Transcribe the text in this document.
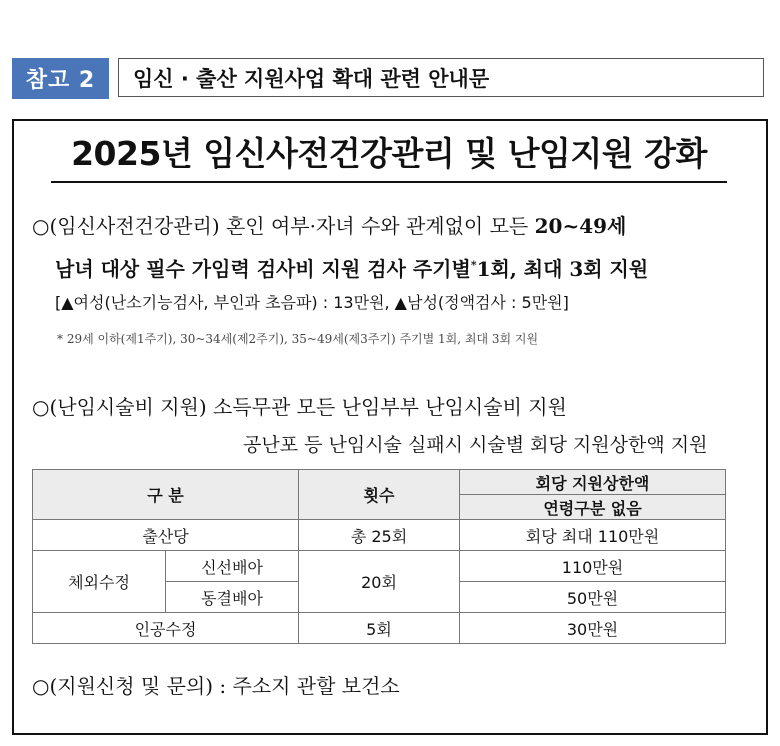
참고 2	임신 · 출산 지원사업 확대 관련 안내문
2025년 임신사전건강관리 및 난임지원 강화
○(임신사전건강관리) 혼인 여부·자녀 수와 관계없이 모든 20~49세
남녀 대상 필수 가임력 검사비 지원 검사 주기별*1회, 최대 3회 지원
[▲여성(난소기능검사, 부인과 초음파) : 13만원, ▲남성(정액검사 : 5만원]
* 29세 이하(제1주기), 30~34세(제2주기), 35~49세(제3주기) 주기별 1회, 최대 3회 지원
○(난임시술비 지원) 소득무관 모든 난임부부 난임시술비 지원
공난포 등 난임시술 실패시 시술별 회당 지원상한액 지원
구 분		횟수	회당 지원상한액
			연령구분 없음
출산당		총 25회	회당 최대 110만원
체외수정	신선배아	20회	110만원
	동결배아		50만원
인공수정		5회	30만원
○(지원신청 및 문의) : 주소지 관할 보건소
